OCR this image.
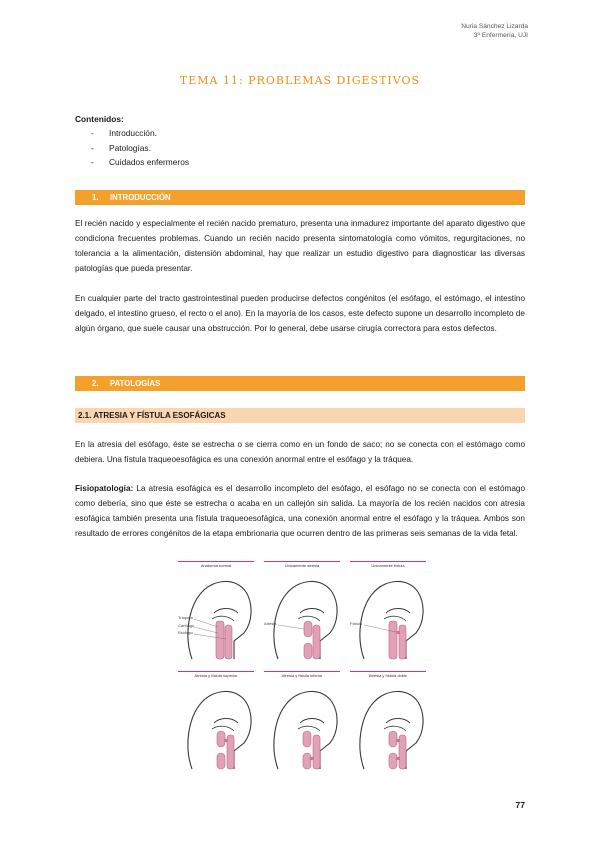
Nuria Sánchez Lizarda
3º Enfermería, UJI
TEMA 11: PROBLEMAS DIGESTIVOS
Contenidos:
- Introducción.
- Patologías.
- Cuidados enfermeros
1. INTRODUCCIÓN

El recién nacido y especialmente el recién nacido prematuro, presenta una inmadurez importante del aparato digestivo que condiciona frecuentes problemas. Cuando un recién nacido presenta sintomatología como vómitos, regurgitaciones, no tolerancia a la alimentación, distensión abdominal, hay que realizar un estudio digestivo para diagnosticar las diversas patologías que pueda presentar.

En cualquier parte del tracto gastrointestinal pueden producirse defectos congénitos (el esófago, el estómago, el intestino delgado, el intestino grueso, el recto o el ano). En la mayoría de los casos, este defecto supone un desarrollo incompleto de algún órgano, que suele causar una obstrucción. Por lo general, debe usarse cirugía correctora para estos defectos.

2. PATOLOGÍAS
2.1. ATRESIA Y FÍSTULA ESOFÁGICAS

En la atresia del esófago, éste se estrecha o se cierra como en un fondo de saco; no se conecta con el estómago como debiera. Una fístula traqueoesofágica es una conexión anormal entre el esófago y la tráquea.

Fisiopatología: La atresia esofágica es el desarrollo incompleto del esófago, el esófago no se conecta con el estómago como debería, sino que éste se estrecha o acaba en un callejón sin salida. La mayoría de los recién nacidos con atresia esofágica también presenta una fístula traqueoesofágica, una conexión anormal entre el esófago y la tráquea. Ambos son resultado de errores congénitos de la etapa embrionaria que ocurren dentro de las primeras seis semanas de la vida fetal.

Anatomía normal
Tráquea
Cartílago
Esófago
Únicamente atresia
Atresia
Únicamente fístula
Fístula
Atresia y fístula superior	Atresia y fístula inferior	Atresia y fístula doble
77
